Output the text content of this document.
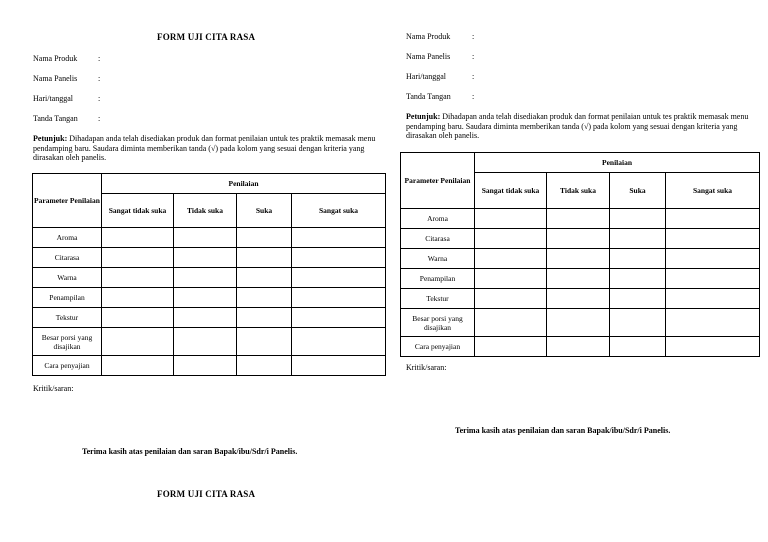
FORM UJI CITA RASA
Nama Produk	:
Nama Panelis	:
Hari/tanggal	:
Tanda Tangan	:
Petunjuk: Dihadapan anda telah disediakan produk dan format penilaian untuk tes praktik memasak menu pendamping baru. Saudara diminta memberikan tanda (√) pada kolom yang sesuai dengan kriteria yang dirasakan oleh panelis.
Parameter Penilaian	Penilaian			
	Sangat tidak suka	Tidak suka	Suka	Sangat suka
Aroma				
Citarasa				
Warna				
Penampilan				
Tekstur				
Besar porsi yang disajikan				
Cara penyajian				
Kritik/saran:
Terima kasih atas penilaian dan saran Bapak/ibu/Sdr/i Panelis.
FORM UJI CITA RASA
Nama Produk	:
Nama Panelis	:
Hari/tanggal	:
Tanda Tangan	:
Petunjuk: Dihadapan anda telah disediakan produk dan format penilaian untuk tes praktik memasak menu pendamping baru. Saudara diminta memberikan tanda (√) pada kolom yang sesuai dengan kriteria yang dirasakan oleh panelis.
Parameter Penilaian	Penilaian			
	Sangat tidak suka	Tidak suka	Suka	Sangat suka
Aroma				
Citarasa				
Warna				
Penampilan				
Tekstur				
Besar porsi yang disajikan				
Cara penyajian				
Kritik/saran:
Terima kasih atas penilaian dan saran Bapak/ibu/Sdr/i Panelis.
